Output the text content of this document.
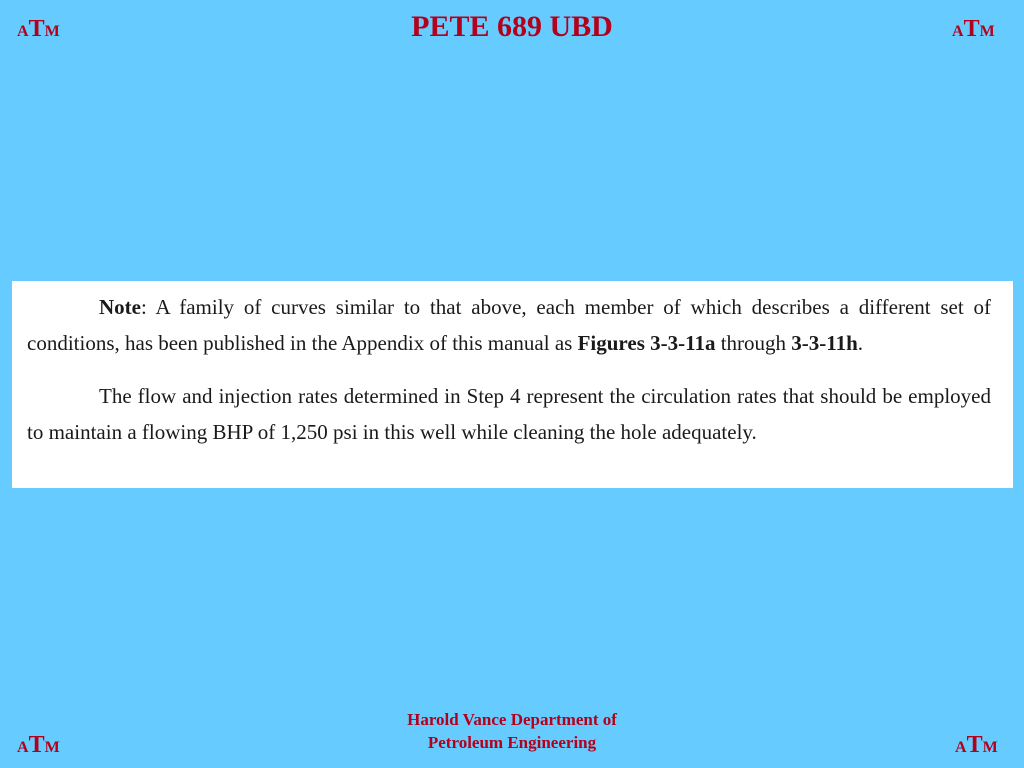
ATM	PETE 689 UBD	ATM

Note: A family of curves similar to that above, each member of which describes a different set of conditions, has been published in the Appendix of this manual as Figures 3-3-11a through 3-3-11h.

The flow and injection rates determined in Step 4 represent the circulation rates that should be employed to maintain a flowing BHP of 1,250 psi in this well while cleaning the hole adequately.

ATM
Harold Vance Department of
Petroleum Engineering	ATM
